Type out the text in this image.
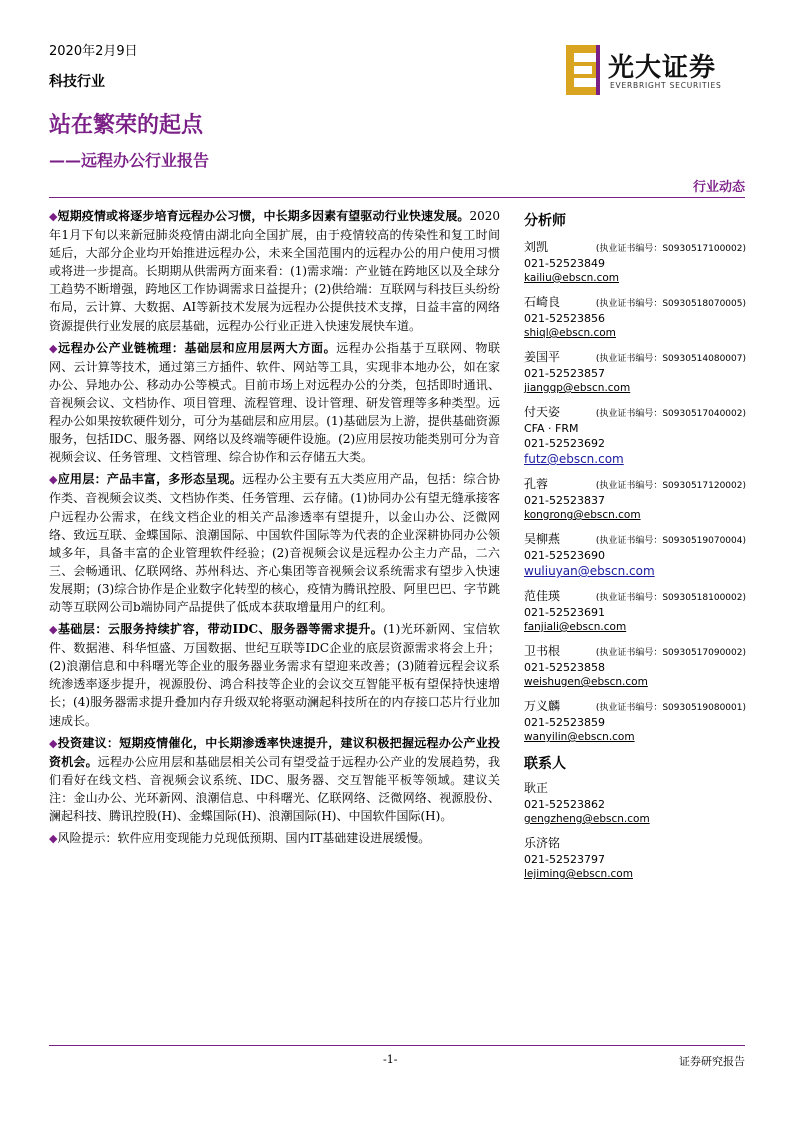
2020年2月9日
科技行业
站在繁荣的起点
——远程办公行业报告
行业动态
光大证券
EVERBRIGHT SECURITIES

◆短期疫情或将逐步培育远程办公习惯，中长期多因素有望驱动行业快速发展。2020年1月下旬以来新冠肺炎疫情由湖北向全国扩展，由于疫情较高的传染性和复工时间延后，大部分企业均开始推进远程办公，未来全国范围内的远程办公的用户使用习惯或将进一步提高。长期期从供需两方面来看：(1)需求端：产业链在跨地区以及全球分工趋势不断增强，跨地区工作协调需求日益提升；(2)供给端：互联网与科技巨头纷纷布局，云计算、大数据、AI等新技术发展为远程办公提供技术支撑，日益丰富的网络资源提供行业发展的底层基础，远程办公行业正进入快速发展快车道。

◆远程办公产业链梳理：基础层和应用层两大方面。远程办公指基于互联网、物联网、云计算等技术，通过第三方插件、软件、网站等工具，实现非本地办公，如在家办公、异地办公、移动办公等模式。目前市场上对远程办公的分类，包括即时通讯、音视频会议、文档协作、项目管理、流程管理、设计管理、研发管理等多种类型。远程办公如果按软硬件划分，可分为基础层和应用层。(1)基础层为上游，提供基础资源服务，包括IDC、服务器、网络以及终端等硬件设施。(2)应用层按功能类别可分为音视频会议、任务管理、文档管理、综合协作和云存储五大类。

◆应用层：产品丰富，多形态呈现。远程办公主要有五大类应用产品，包括：综合协作类、音视频会议类、文档协作类、任务管理、云存储。(1)协同办公有望无缝承接客户远程办公需求，在线文档企业的相关产品渗透率有望提升，以金山办公、泛微网络、致远互联、金蝶国际、浪潮国际、中国软件国际等为代表的企业深耕协同办公领域多年，具备丰富的企业管理软件经验；(2)音视频会议是远程办公主力产品，二六三、会畅通讯、亿联网络、苏州科达、齐心集团等音视频会议系统需求有望步入快速发展期；(3)综合协作是企业数字化转型的核心，疫情为腾讯控股、阿里巴巴、字节跳动等互联网公司b端协同产品提供了低成本获取增量用户的红利。

◆基础层：云服务持续扩容，带动IDC、服务器等需求提升。(1)光环新网、宝信软件、数据港、科华恒盛、万国数据、世纪互联等IDC企业的底层资源需求将会上升；(2)浪潮信息和中科曙光等企业的服务器业务需求有望迎来改善；(3)随着远程会议系统渗透率逐步提升，视源股份、鸿合科技等企业的会议交互智能平板有望保持快速增长；(4)服务器需求提升叠加内存升级双轮将驱动澜起科技所在的内存接口芯片行业加速成长。

◆投资建议：短期疫情催化，中长期渗透率快速提升，建议积极把握远程办公产业投资机会。远程办公应用层和基础层相关公司有望受益于远程办公产业的发展趋势，我们看好在线文档、音视频会议系统、IDC、服务器、交互智能平板等领域。建议关注：金山办公、光环新网、浪潮信息、中科曙光、亿联网络、泛微网络、视源股份、澜起科技、腾讯控股(H)、金蝶国际(H)、浪潮国际(H)、中国软件国际(H)。

◆风险提示：软件应用变现能力兑现低预期、国内IT基础建设进展缓慢。

分析师
刘凯	(执业证书编号：S0930517100002)
021-52523849
kailiu@ebscn.com
石崎良	(执业证书编号：S0930518070005)
021-52523856
shiql@ebscn.com
姜国平	(执业证书编号：S0930514080007)
021-52523857
jianggp@ebscn.com
付天姿	(执业证书编号：S0930517040002)
CFA · FRM
021-52523692
futz@ebscn.com
孔蓉	(执业证书编号：S0930517120002)
021-52523837
kongrong@ebscn.com
吴柳燕	(执业证书编号：S0930519070004)
021-52523690
wuliuyan@ebscn.com
范佳瑛	(执业证书编号：S0930518100002)
021-52523691
fanjiali@ebscn.com
卫书根	(执业证书编号：S0930517090002)
021-52523858
weishugen@ebscn.com
万义麟	(执业证书编号：S0930519080001)
021-52523859
wanyilin@ebscn.com
联系人
耿正
021-52523862
gengzheng@ebscn.com
乐济铭
021-52523797
lejiming@ebscn.com
-1-	证券研究报告
